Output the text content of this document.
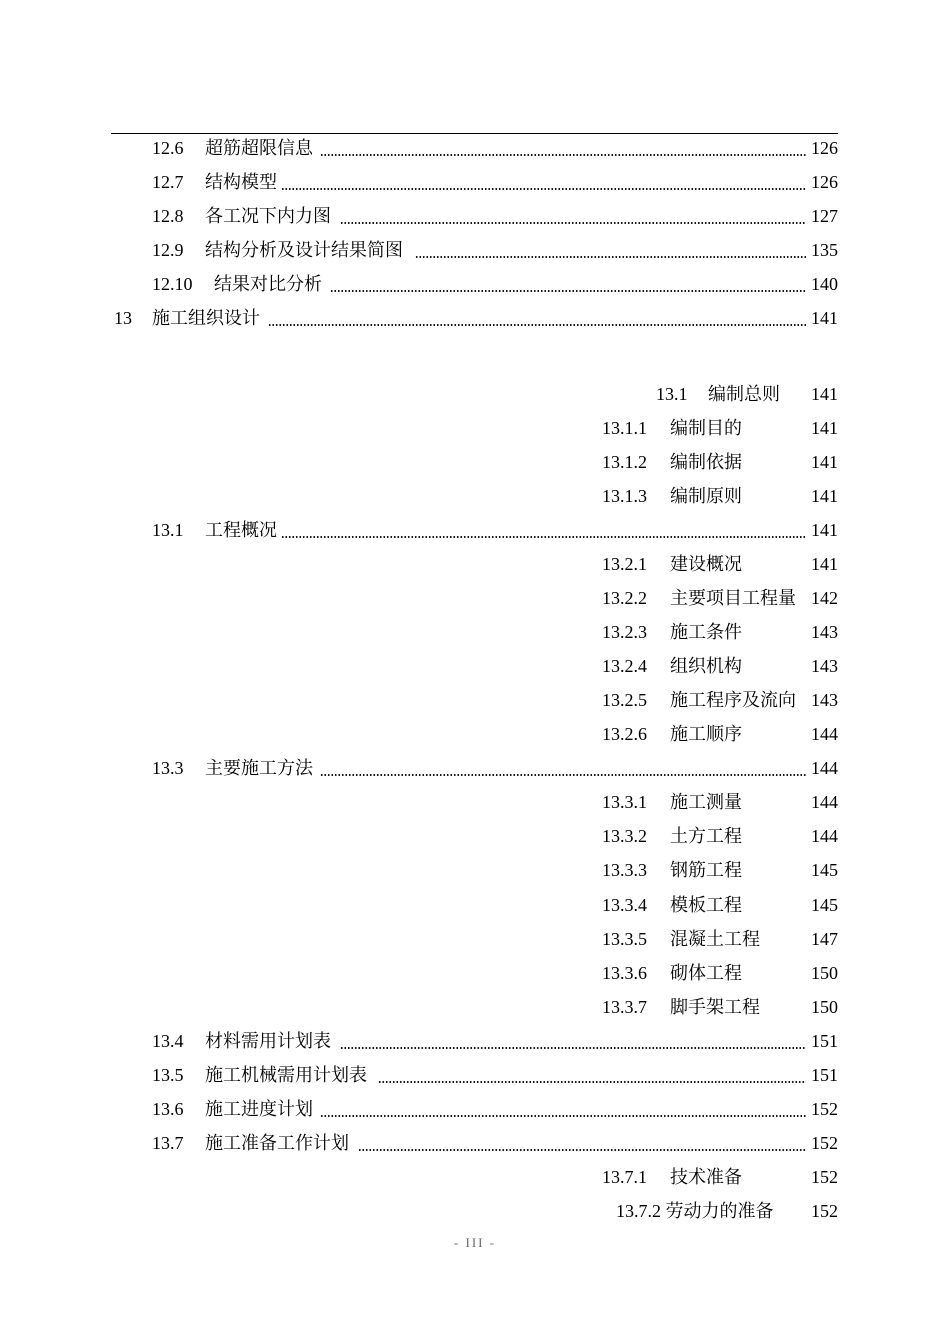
12.6 超筋超限信息	126
12.7 结构模型	126
12.8 各工况下内力图	127
12.9 结构分析及设计结果简图	135
12.10 结果对比分析	140
13 施工组织设计	141
13.1 编制总则 141
13.1.1 编制目的	141
13.1.2 编制依据	141
13.1.3 编制原则	141
13.1 工程概况	141
13.2.1 建设概况	141
13.2.2 主要项目工程量 142
13.2.3 施工条件	143
13.2.4 组织机构	143
13.2.5 施工程序及流向 143
13.2.6 施工顺序	144
13.3 主要施工方法	144
13.3.1 施工测量	144
13.3.2 土方工程	144
13.3.3 钢筋工程	145
13.3.4 模板工程	145
13.3.5 混凝土工程	147
13.3.6 砌体工程	150
13.3.7 脚手架工程	150
13.4 材料需用计划表	151
13.5 施工机械需用计划表	151
13.6 施工进度计划	152
13.7 施工准备工作计划	152
13.7.1 技术准备	152
13.7.2 劳动力的准备 152
- III -
